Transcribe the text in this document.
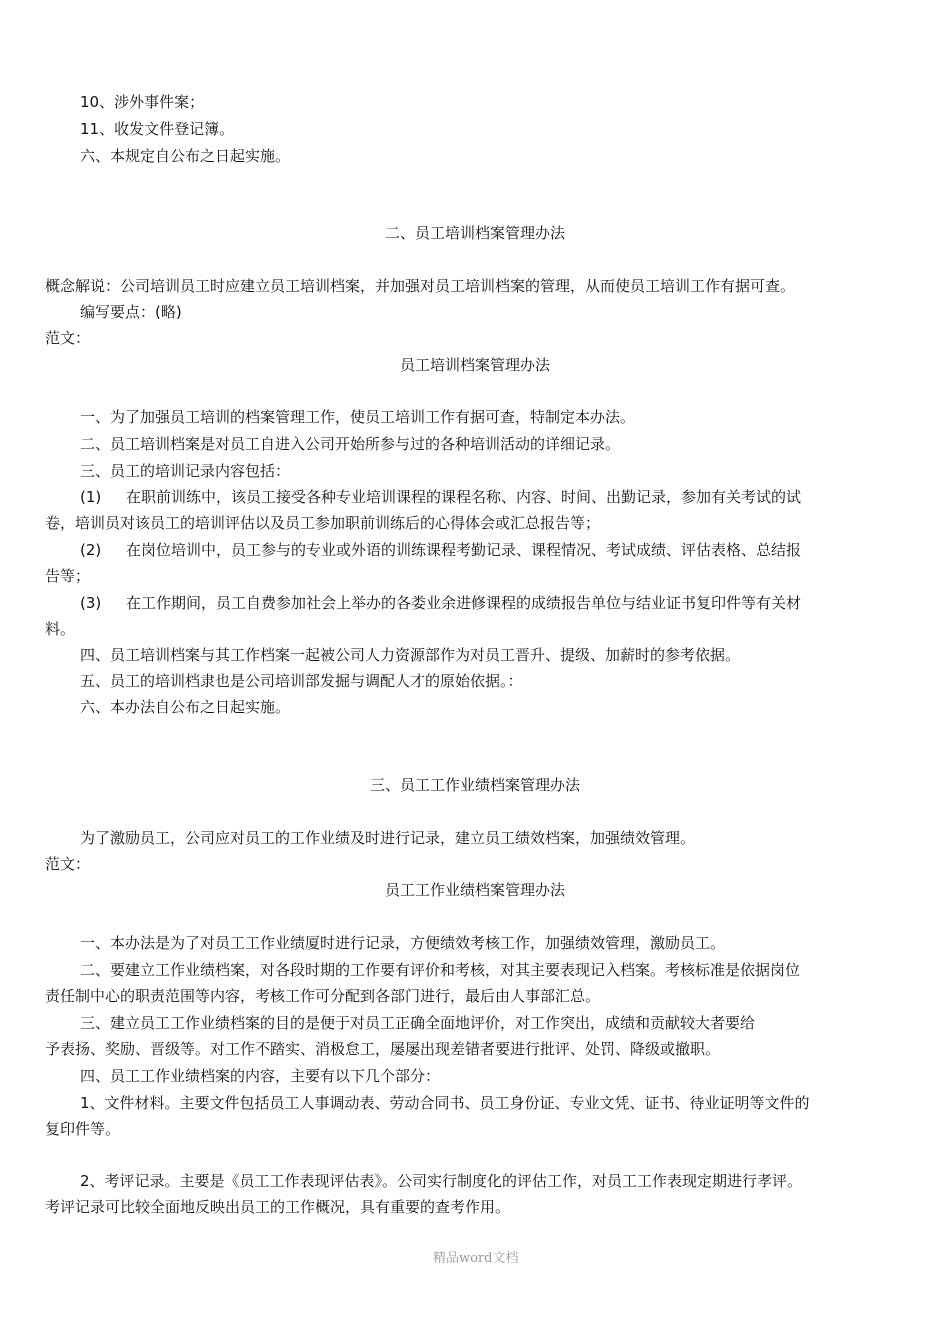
10、涉外事件案；
11、收发文件登记簿。
六、本规定自公布之日起实施。
二、员工培训档案管理办法
概念解说：公司培训员工时应建立员工培训档案，并加强对员工培训档案的管理，从而使员工培训工作有据可查。
编写要点：(略)
范文：
员工培训档案管理办法
一、为了加强员工培训的档案管理工作，使员工培训工作有据可查，特制定本办法。
二、员工培训档案是对员工自进入公司开始所参与过的各种培训活动的详细记录。
三、员工的培训记录内容包括：
(1) 在职前训练中，该员工接受各种专业培训课程的课程名称、内容、时间、出勤记录，参加有关考试的试
卷，培训员对该员工的培训评估以及员工参加职前训练后的心得体会或汇总报告等；
(2) 在岗位培训中，员工参与的专业或外语的训练课程考勤记录、课程情况、考试成绩、评估表格、总结报
告等；
(3) 在工作期间，员工自费参加社会上举办的各娄业余进修课程的成绩报告单位与结业证书复印件等有关材
料。
四、员工培训档案与其工作档案一起被公司人力资源部作为对员工晋升、提级、加薪时的参考依据。
五、员工的培训档隶也是公司培训部发掘与调配人才的原始依据。：
六、本办法自公布之日起实施。
三、员工工作业绩档案管理办法
为了激励员工，公司应对员工的工作业绩及时进行记录，建立员工绩效档案，加强绩效管理。
范文：
员工工作业绩档案管理办法
一、本办法是为了对员工工作业绩厦时进行记录，方便绩效考核工作，加强绩效管理，激励员工。
二、要建立工作业绩档案，对各段时期的工作要有评价和考核，对其主要表现记入档案。考核标准是依据岗位
责任制中心的职责范围等内容，考核工作可分配到各部门进行，最后由人事部汇总。
三、建立员工工作业绩档案的目的是便于对员工正确全面地评价，对工作突出，成绩和贡献较大者要给
予表扬、奖励、晋级等。对工作不踏实、消极怠工，屡屡出现差错者要进行批评、处罚、降级或撤职。
四、员工工作业绩档案的内容，主要有以下几个部分：
1、文件材料。主要文件包括员工人事调动表、劳动合同书、员工身份证、专业文凭、证书、待业证明等文件的
复印件等。
2、考评记录。主要是《员工工作表现评估表》。公司实行制度化的评估工作，对员工工作表现定期进行孝评。
考评记录可比较全面地反映出员工的工作概况，具有重要的查考作用。
精品word文档
